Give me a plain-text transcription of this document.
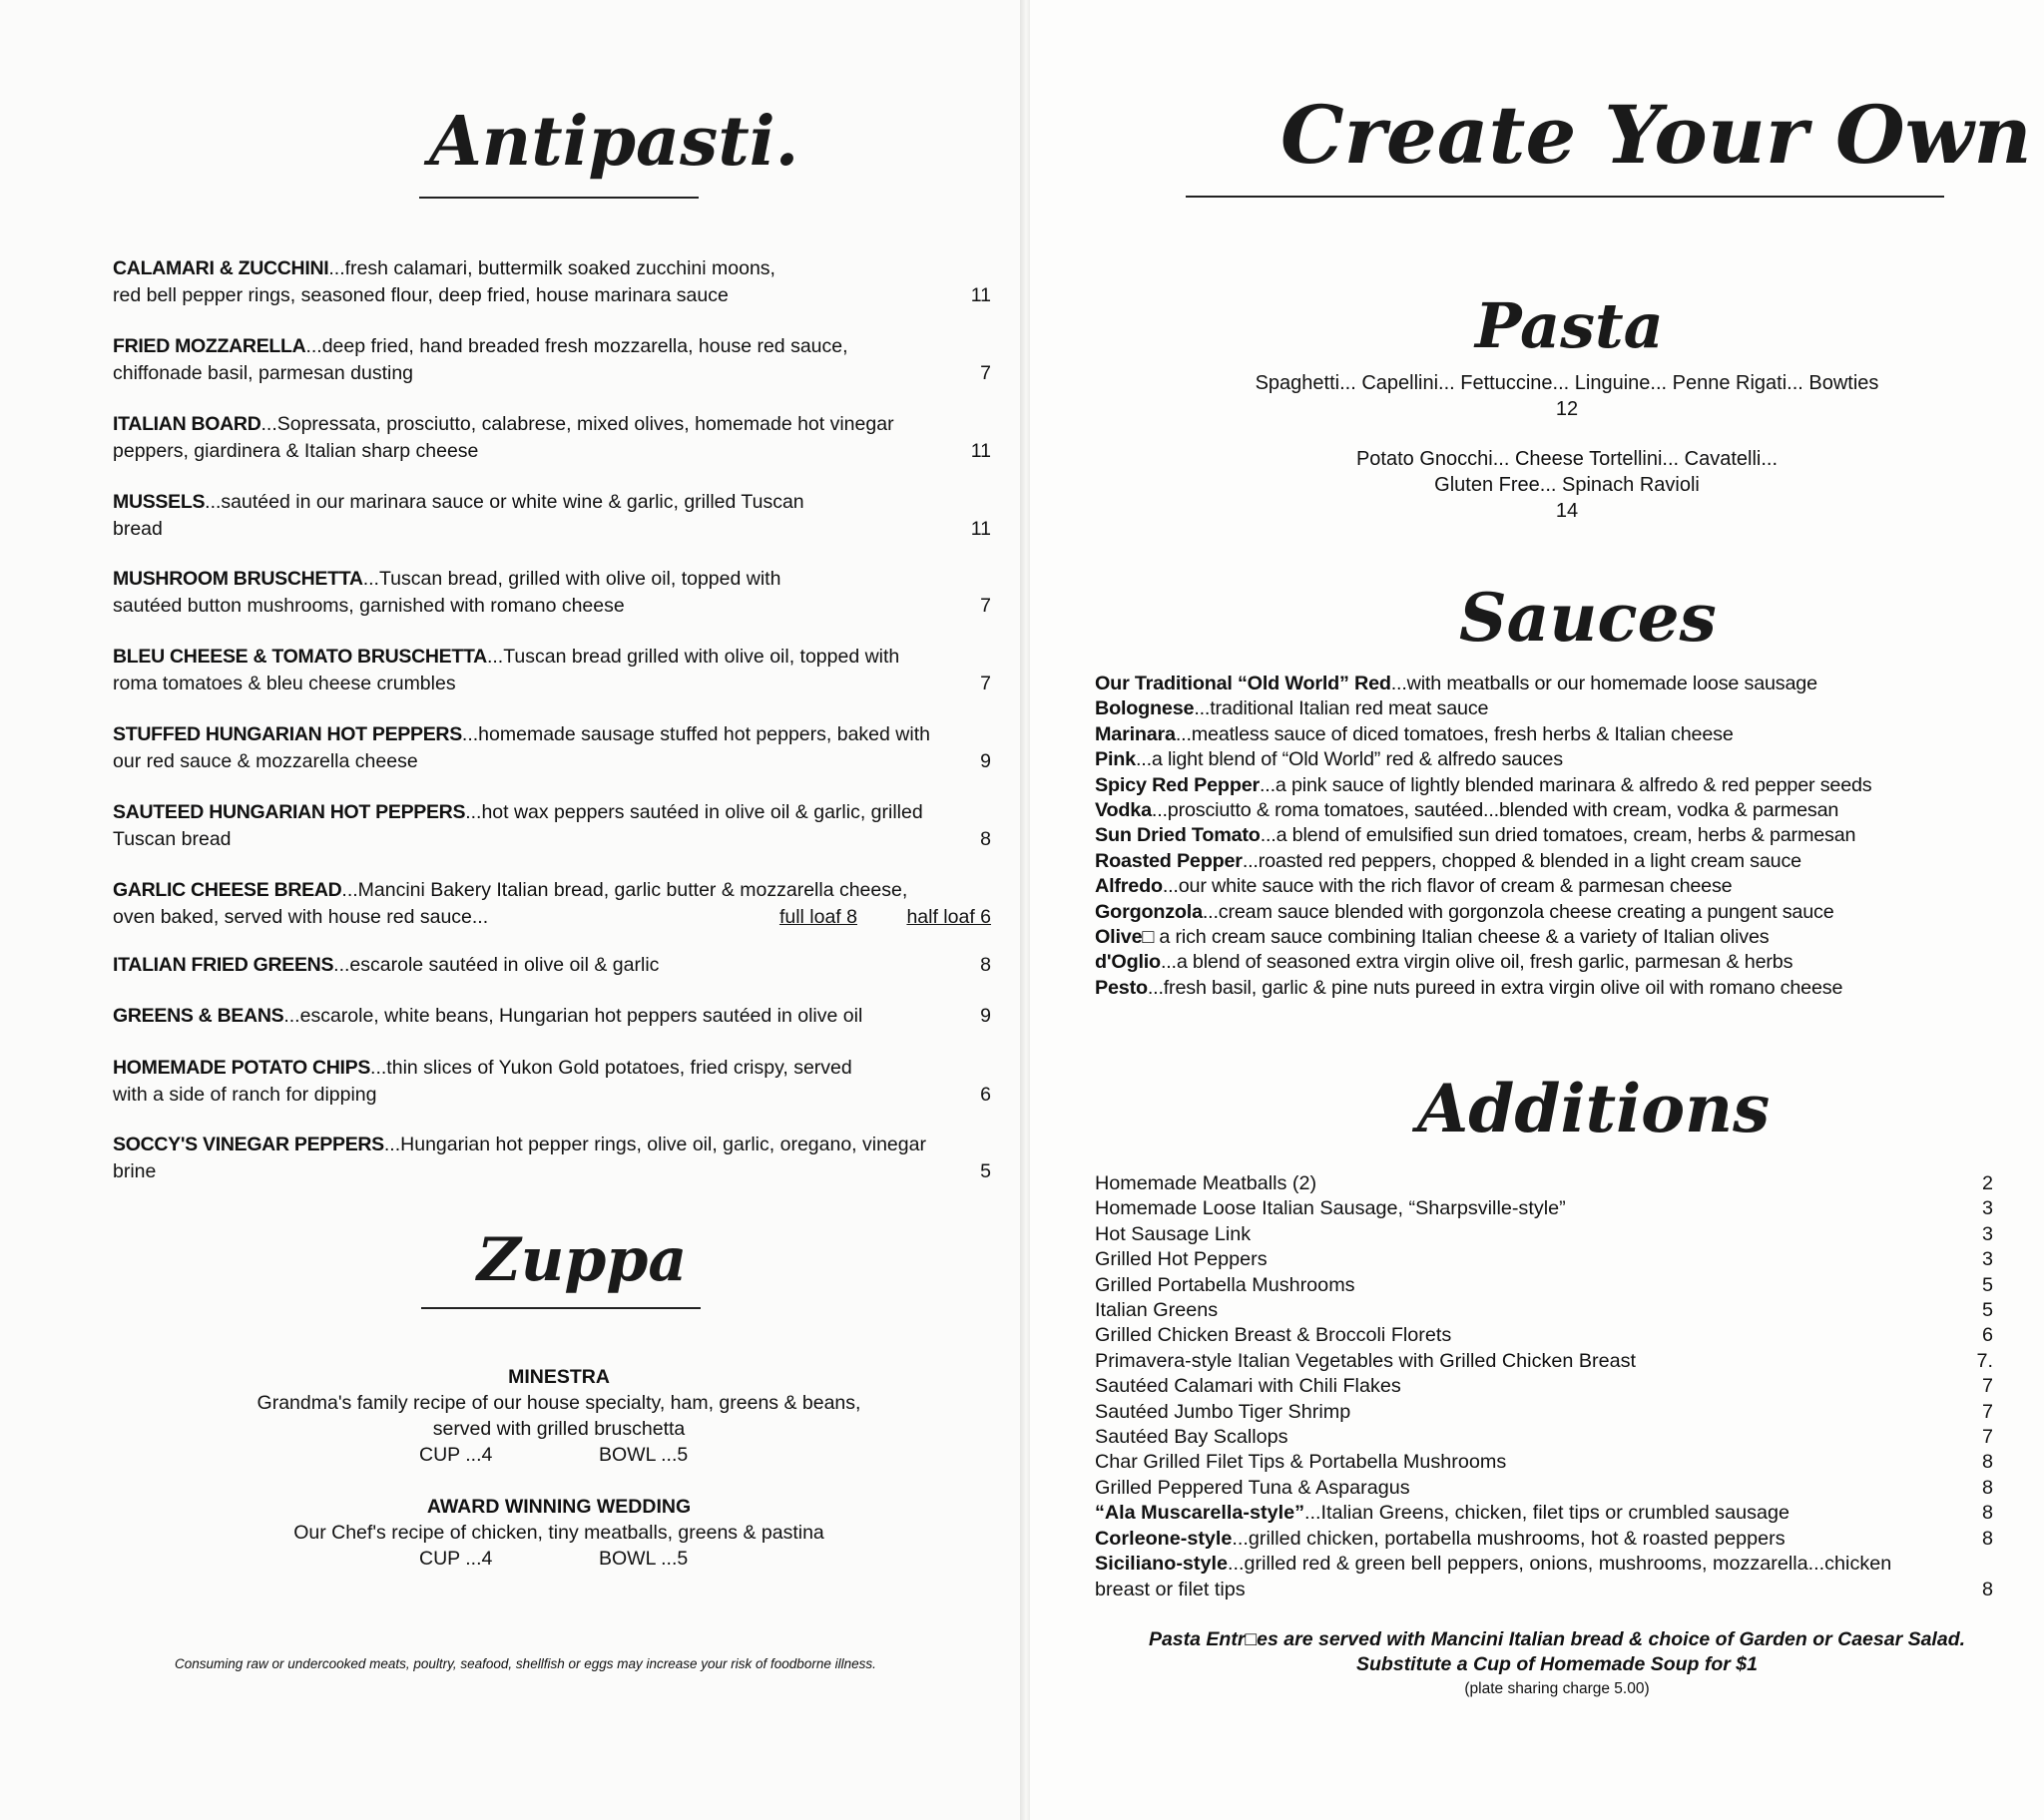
Antipasti.
CALAMARI & ZUCCHINI...fresh calamari, buttermilk soaked zucchini moons,
red bell pepper rings, seasoned flour, deep fried, house marinara sauce	11
FRIED MOZZARELLA...deep fried, hand breaded fresh mozzarella, house red sauce,
chiffonade basil, parmesan dusting	7
ITALIAN BOARD...Sopressata, prosciutto, calabrese, mixed olives, homemade hot vinegar
peppers, giardinera & Italian sharp cheese	11
MUSSELS...sautéed in our marinara sauce or white wine & garlic, grilled Tuscan
bread	11
MUSHROOM BRUSCHETTA...Tuscan bread, grilled with olive oil, topped with
sautéed button mushrooms, garnished with romano cheese	7
BLEU CHEESE & TOMATO BRUSCHETTA...Tuscan bread grilled with olive oil, topped with
roma tomatoes & bleu cheese crumbles	7
STUFFED HUNGARIAN HOT PEPPERS...homemade sausage stuffed hot peppers, baked with
our red sauce & mozzarella cheese	9
SAUTEED HUNGARIAN HOT PEPPERS...hot wax peppers sautéed in olive oil & garlic, grilled
Tuscan bread	8
GARLIC CHEESE BREAD...Mancini Bakery Italian bread, garlic butter & mozzarella cheese,
oven baked, served with house red sauce...	full loaf 8	half loaf 6
ITALIAN FRIED GREENS...escarole sautéed in olive oil & garlic	8
GREENS & BEANS...escarole, white beans, Hungarian hot peppers sautéed in olive oil	9
HOMEMADE POTATO CHIPS...thin slices of Yukon Gold potatoes, fried crispy, served
with a side of ranch for dipping	6
SOCCY'S VINEGAR PEPPERS...Hungarian hot pepper rings, olive oil, garlic, oregano, vinegar
brine	5
Zuppa
MINESTRA
Grandma's family recipe of our house specialty, ham, greens & beans,
served with grilled bruschetta
CUP ...4	BOWL ...5
AWARD WINNING WEDDING
Our Chef's recipe of chicken, tiny meatballs, greens & pastina
CUP ...4	BOWL ...5
Consuming raw or undercooked meats, poultry, seafood, shellfish or eggs may increase your risk of foodborne illness.
Create Your Own
Pasta
Spaghetti... Capellini... Fettuccine... Linguine... Penne Rigati... Bowties
12
Potato Gnocchi... Cheese Tortellini... Cavatelli...
Gluten Free... Spinach Ravioli
14
Sauces
Our Traditional “Old World” Red...with meatballs or our homemade loose sausage
Bolognese...traditional Italian red meat sauce
Marinara...meatless sauce of diced tomatoes, fresh herbs & Italian cheese
Pink...a light blend of “Old World” red & alfredo sauces
Spicy Red Pepper...a pink sauce of lightly blended marinara & alfredo & red pepper seeds
Vodka...prosciutto & roma tomatoes, sautéed...blended with cream, vodka & parmesan
Sun Dried Tomato...a blend of emulsified sun dried tomatoes, cream, herbs & parmesan
Roasted Pepper...roasted red peppers, chopped & blended in a light cream sauce
Alfredo...our white sauce with the rich flavor of cream & parmesan cheese
Gorgonzola...cream sauce blended with gorgonzola cheese creating a pungent sauce
Olive□ a rich cream sauce combining Italian cheese & a variety of Italian olives
d'Oglio...a blend of seasoned extra virgin olive oil, fresh garlic, parmesan & herbs
Pesto...fresh basil, garlic & pine nuts pureed in extra virgin olive oil with romano cheese
Additions
Homemade Meatballs (2)	2
Homemade Loose Italian Sausage, “Sharpsville-style”	3
Hot Sausage Link	3
Grilled Hot Peppers	3
Grilled Portabella Mushrooms	5
Italian Greens	5
Grilled Chicken Breast & Broccoli Florets	6
Primavera-style Italian Vegetables with Grilled Chicken Breast	7.
Sautéed Calamari with Chili Flakes	7
Sautéed Jumbo Tiger Shrimp	7
Sautéed Bay Scallops	7
Char Grilled Filet Tips & Portabella Mushrooms	8
Grilled Peppered Tuna & Asparagus	8
“Ala Muscarella-style”...Italian Greens, chicken, filet tips or crumbled sausage	8
Corleone-style...grilled chicken, portabella mushrooms, hot & roasted peppers	8
Siciliano-style...grilled red & green bell peppers, onions, mushrooms, mozzarella...chicken
breast or filet tips	8
Pasta Entr□es are served with Mancini Italian bread & choice of Garden or Caesar Salad.
Substitute a Cup of Homemade Soup for $1
(plate sharing charge 5.00)
